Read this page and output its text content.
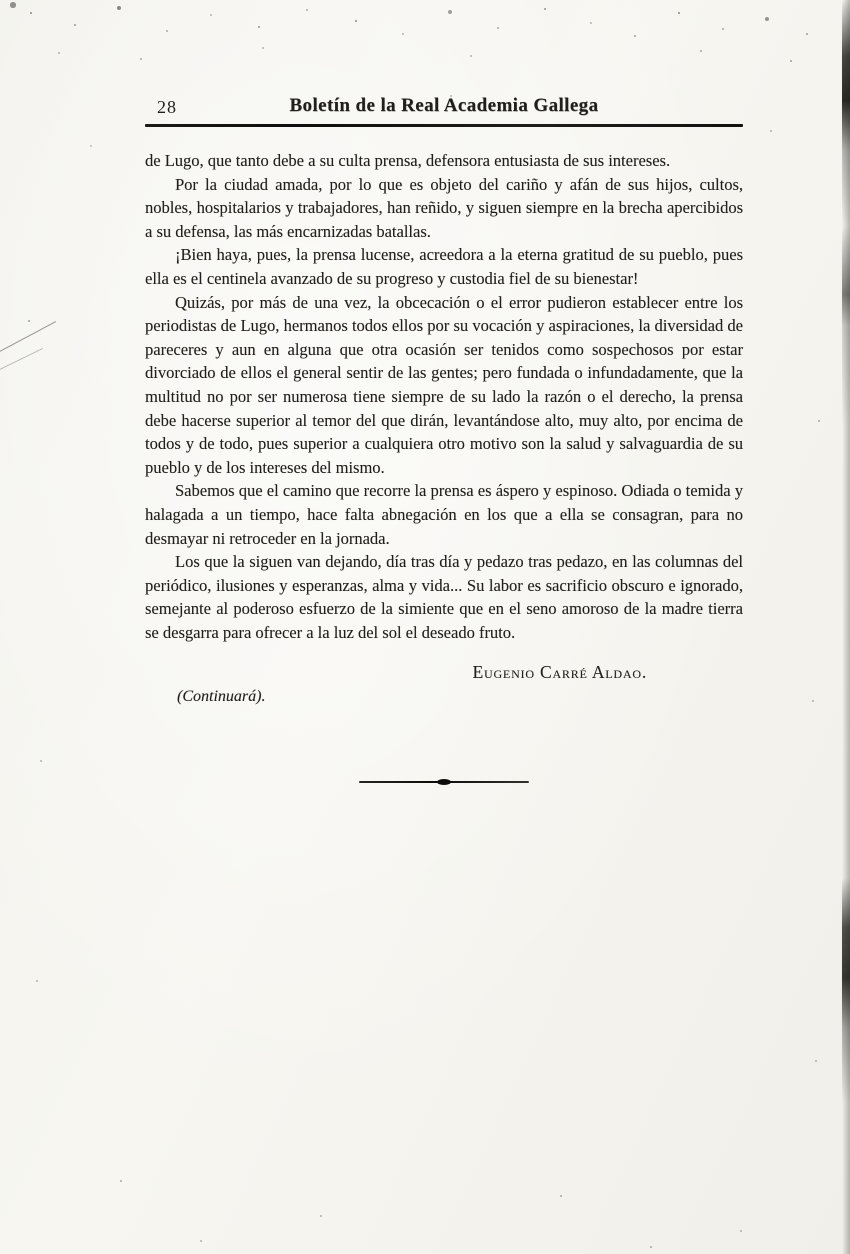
28	Boletín de la Real Academia Gallega

de Lugo, que tanto debe a su culta prensa, defensora entusiasta de sus intereses.

Por la ciudad amada, por lo que es objeto del cariño y afán de sus hijos, cultos, nobles, hospitalarios y trabajadores, han reñido, y siguen siempre en la brecha apercibidos a su defensa, las más encarnizadas batallas.

¡Bien haya, pues, la prensa lucense, acreedora a la eterna gratitud de su pueblo, pues ella es el centinela avanzado de su progreso y custodia fiel de su bienestar!

Quizás, por más de una vez, la obcecación o el error pudieron establecer entre los periodistas de Lugo, hermanos todos ellos por su vocación y aspiraciones, la diversidad de pareceres y aun en alguna que otra ocasión ser tenidos como sospechosos por estar divorciado de ellos el general sentir de las gentes; pero fundada o infundadamente, que la multitud no por ser numerosa tiene siempre de su lado la razón o el derecho, la prensa debe hacerse superior al temor del que dirán, levantándose alto, muy alto, por encima de todos y de todo, pues superior a cualquiera otro motivo son la salud y salvaguardia de su pueblo y de los intereses del mismo.

Sabemos que el camino que recorre la prensa es áspero y espinoso. Odiada o temida y halagada a un tiempo, hace falta abnegación en los que a ella se consagran, para no desmayar ni retroceder en la jornada.

Los que la siguen van dejando, día tras día y pedazo tras pedazo, en las columnas del periódico, ilusiones y esperanzas, alma y vida... Su labor es sacrificio obscuro e ignorado, semejante al poderoso esfuerzo de la simiente que en el seno amoroso de la madre tierra se desgarra para ofrecer a la luz del sol el deseado fruto.

Eugenio Carré Aldao.
(Continuará).
